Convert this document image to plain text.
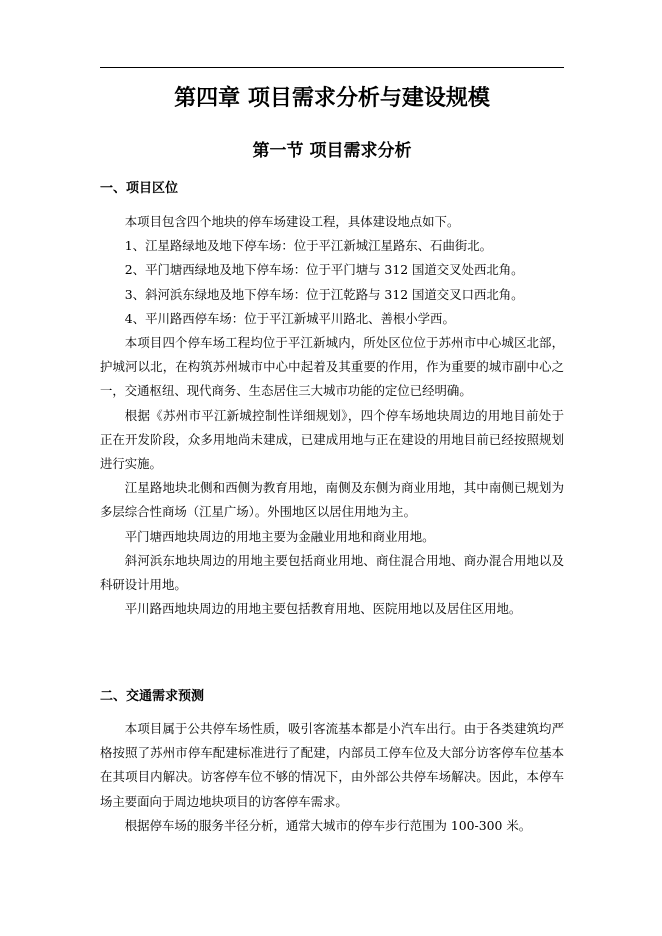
第四章 项目需求分析与建设规模
第一节 项目需求分析
一、项目区位

本项目包含四个地块的停车场建设工程，具体建设地点如下。

1、江星路绿地及地下停车场：位于平江新城江星路东、石曲街北。

2、平门塘西绿地及地下停车场：位于平门塘与 312 国道交叉处西北角。

3、斜河浜东绿地及地下停车场：位于江乾路与 312 国道交叉口西北角。

4、平川路西停车场：位于平江新城平川路北、善根小学西。

本项目四个停车场工程均位于平江新城内，所处区位位于苏州市中心城区北部，护城河以北，在构筑苏州城市中心中起着及其重要的作用，作为重要的城市副中心之一，交通枢纽、现代商务、生态居住三大城市功能的定位已经明确。

根据《苏州市平江新城控制性详细规划》，四个停车场地块周边的用地目前处于正在开发阶段，众多用地尚未建成，已建成用地与正在建设的用地目前已经按照规划进行实施。

江星路地块北侧和西侧为教育用地，南侧及东侧为商业用地，其中南侧已规划为多层综合性商场（江星广场）。外围地区以居住用地为主。

平门塘西地块周边的用地主要为金融业用地和商业用地。

斜河浜东地块周边的用地主要包括商业用地、商住混合用地、商办混合用地以及科研设计用地。

平川路西地块周边的用地主要包括教育用地、医院用地以及居住区用地。

二、交通需求预测

本项目属于公共停车场性质，吸引客流基本都是小汽车出行。由于各类建筑均严格按照了苏州市停车配建标准进行了配建，内部员工停车位及大部分访客停车位基本在其项目内解决。访客停车位不够的情况下，由外部公共停车场解决。因此，本停车场主要面向于周边地块项目的访客停车需求。

根据停车场的服务半径分析，通常大城市的停车步行范围为 100-300 米。
